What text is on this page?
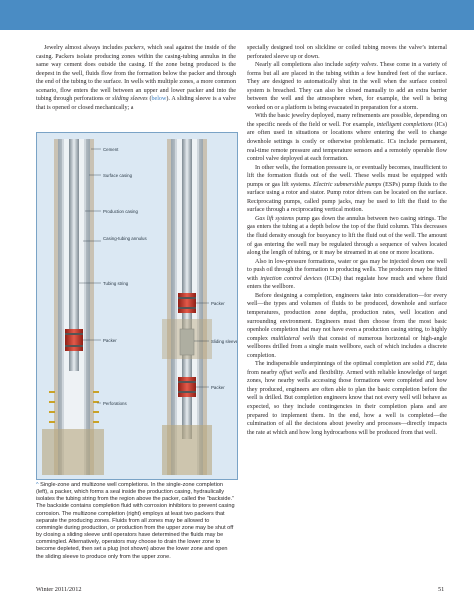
Jewelry almost always includes packers, which seal against the inside of the casing. Packers isolate producing zones within the casing-tubing annulus in the same way cement does outside the casing. If the zone being produced is the deepest in the well, fluids flow from the formation below the packer and through the end of the tubing to the surface. In wells with multiple zones, a more common scenario, flow enters the well between an upper and lower packer and into the tubing through perforations or sliding sleeves (below). A sliding sleeve is a valve that is opened or closed mechanically; a

Cement
Surface casing
Production casing
Casing-tubing annulus
Tubing string
Packer
Perforations
Packer
Sliding sleeve
Packer
^ Single-zone and multizone well completions. In the single-zone completion (left), a packer, which forms a seal inside the production casing, hydraulically isolates the tubing string from the region above the packer, called the “backside.” The backside contains completion fluid with corrosion inhibitors to prevent casing corrosion. The multizone completion (right) employs at least two packers that separate the producing zones. Fluids from all zones may be allowed to commingle during production, or production from the upper zone may be shut off by closing a sliding sleeve until operators have determined the fluids may be commingled. Alternatively, operators may choose to drain the lower zone to become depleted, then set a plug (not shown) above the lower zone and open the sliding sleeve to produce only from the upper zone.

specially designed tool on slickline or coiled tubing moves the valve’s internal perforated sleeve up or down.

Nearly all completions also include safety valves. These come in a variety of forms but all are placed in the tubing within a few hundred feet of the surface. They are designed to automatically shut in the well when the surface control system is breached. They can also be closed manually to add an extra barrier between the well and the atmosphere when, for example, the well is being worked on or a platform is being evacuated in preparation for a storm.

With the basic jewelry deployed, many refinements are possible, depending on the specific needs of the field or well. For example, intelligent completions (ICs) are often used in situations or locations where entering the well to change downhole settings is costly or otherwise problematic. ICs include permanent, real-time remote pressure and temperature sensors and a remotely operable flow control valve deployed at each formation.

In other wells, the formation pressure is, or eventually becomes, insufficient to lift the formation fluids out of the well. These wells must be equipped with pumps or gas lift systems. Electric submersible pumps (ESPs) pump fluids to the surface using a rotor and stator. Pump rotor drives can be located on the surface. Reciprocating pumps, called pump jacks, may be used to lift the fluid to the surface through a reciprocating vertical motion.

Gas lift systems pump gas down the annulus between two casing strings. The gas enters the tubing at a depth below the top of the fluid column. This decreases the fluid density enough for buoyancy to lift the fluid out of the well. The amount of gas entering the well may be regulated through a sequence of valves located along the length of tubing, or it may be streamed in at one or more locations.

Also in low-pressure formations, water or gas may be injected down one well to push oil through the formation to producing wells. The producers may be fitted with injection control devices (ICDs) that regulate how much and where fluid enters the wellbore.

Before designing a completion, engineers take into consideration—for every well—the types and volumes of fluids to be produced, downhole and surface temperatures, production zone depths, production rates, well location and surrounding environment. Engineers must then choose from the most basic openhole completion that may not have even a production casing string, to highly complex multilateral wells that consist of numerous horizontal or high-angle wellbores drilled from a single main wellbore, each of which includes a discrete completion.

The indispensible underpinnings of the optimal completion are solid FE, data from nearby offset wells and flexibility. Armed with reliable knowledge of target zones, how nearby wells accessing those formations were completed and how they produced, engineers are often able to plan the basic completion before the well is drilled. But completion engineers know that not every well will behave as expected, so they include contingencies in their completion plans and are prepared to implement them. In the end, how a well is completed—the culmination of all the decisions about jewelry and processes—directly impacts the rate at which and how long hydrocarbons will be produced from that well.

Winter 2011/2012	51
